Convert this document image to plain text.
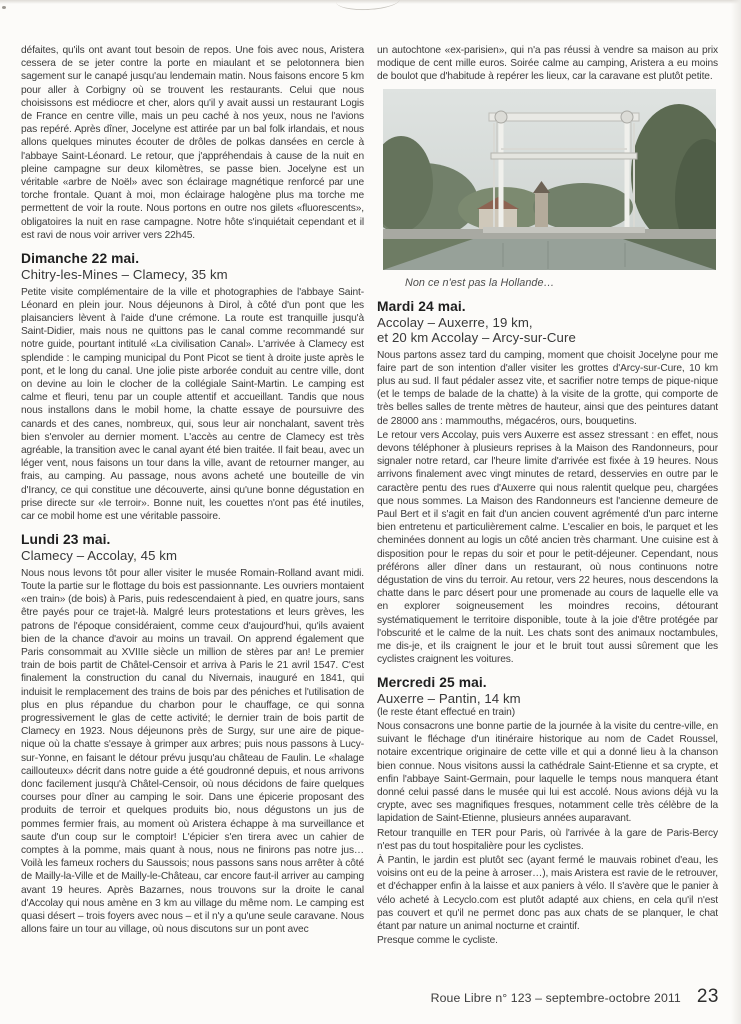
défaites, qu'ils ont avant tout besoin de repos. Une fois avec nous, Aristera cessera de se jeter contre la porte en miaulant et se pelotonnera bien sagement sur le canapé jusqu'au lendemain matin. Nous faisons encore 5 km pour aller à Corbigny où se trouvent les restaurants. Celui que nous choisissons est médiocre et cher, alors qu'il y avait aussi un restaurant Logis de France en centre ville, mais un peu caché à nos yeux, nous ne l'avions pas repéré. Après dîner, Jocelyne est attirée par un bal folk irlandais, et nous allons quelques minutes écouter de drôles de polkas dansées en cercle à l'abbaye Saint-Léonard. Le retour, que j'appréhendais à cause de la nuit en pleine campagne sur deux kilomètres, se passe bien. Jocelyne est un véritable «arbre de Noël» avec son éclairage magnétique renforcé par une torche frontale. Quant à moi, mon éclairage halogène plus ma torche me permettent de voir la route. Nous portons en outre nos gilets «fluorescents», obligatoires la nuit en rase campagne. Notre hôte s'inquiétait cependant et il est ravi de nous voir arriver vers 22h45.

Dimanche 22 mai.
Chitry-les-Mines – Clamecy, 35 km

Petite visite complémentaire de la ville et photographies de l'abbaye Saint-Léonard en plein jour. Nous déjeunons à Dirol, à côté d'un pont que les plaisanciers lèvent à l'aide d'une crémone. La route est tranquille jusqu'à Saint-Didier, mais nous ne quittons pas le canal comme recommandé sur notre guide, pourtant intitulé «La civilisation Canal». L'arrivée à Clamecy est splendide : le camping municipal du Pont Picot se tient à droite juste après le pont, et le long du canal. Une jolie piste arborée conduit au centre ville, dont on devine au loin le clocher de la collégiale Saint-Martin. Le camping est calme et fleuri, tenu par un couple attentif et accueillant. Tandis que nous nous installons dans le mobil home, la chatte essaye de poursuivre des canards et des canes, nombreux, qui, sous leur air nonchalant, savent très bien s'envoler au dernier moment. L'accès au centre de Clamecy est très agréable, la transition avec le canal ayant été bien traitée. Il fait beau, avec un léger vent, nous faisons un tour dans la ville, avant de retourner manger, au frais, au camping. Au passage, nous avons acheté une bouteille de vin d'Irancy, ce qui constitue une découverte, ainsi qu'une bonne dégustation en prise directe sur «le terroir». Bonne nuit, les couettes n'ont pas été inutiles, car ce mobil home est une véritable passoire.

Lundi 23 mai.
Clamecy – Accolay, 45 km

Nous nous levons tôt pour aller visiter le musée Romain-Rolland avant midi. Toute la partie sur le flottage du bois est passionnante. Les ouvriers montaient «en train» (de bois) à Paris, puis redescendaient à pied, en quatre jours, sans être payés pour ce trajet-là. Malgré leurs protestations et leurs grèves, les patrons de l'époque considéraient, comme ceux d'aujourd'hui, qu'ils avaient bien de la chance d'avoir au moins un travail. On apprend également que Paris consommait au XVIIIe siècle un million de stères par an! Le premier train de bois partit de Châtel-Censoir et arriva à Paris le 21 avril 1547. C'est finalement la construction du canal du Nivernais, inauguré en 1841, qui induisit le remplacement des trains de bois par des péniches et l'utilisation de plus en plus répandue du charbon pour le chauffage, ce qui sonna progressivement le glas de cette activité; le dernier train de bois partit de Clamecy en 1923. Nous déjeunons près de Surgy, sur une aire de pique-nique où la chatte s'essaye à grimper aux arbres; puis nous passons à Lucy-sur-Yonne, en faisant le détour prévu jusqu'au château de Faulin. Le «halage caillouteux» décrit dans notre guide a été goudronné depuis, et nous arrivons donc facilement jusqu'à Châtel-Censoir, où nous décidons de faire quelques courses pour dîner au camping le soir. Dans une épicerie proposant des produits de terroir et quelques produits bio, nous dégustons un jus de pommes fermier frais, au moment où Aristera échappe à ma surveillance et saute d'un coup sur le comptoir! L'épicier s'en tirera avec un cahier de comptes à la pomme, mais quant à nous, nous ne finirons pas notre jus… Voilà les fameux rochers du Saussois; nous passons sans nous arrêter à côté de Mailly-la-Ville et de Mailly-le-Château, car encore faut-il arriver au camping avant 19 heures. Après Bazarnes, nous trouvons sur la droite le canal d'Accolay qui nous amène en 3 km au village du même nom. Le camping est quasi désert – trois foyers avec nous – et il n'y a qu'une seule caravane. Nous allons faire un tour au village, où nous discutons sur un pont avec

un autochtone «ex-parisien», qui n'a pas réussi à vendre sa maison au prix modique de cent mille euros. Soirée calme au camping, Aristera a eu moins de boulot que d'habitude à repérer les lieux, car la caravane est plutôt petite.

Non ce n'est pas la Hollande…
Mardi 24 mai.
Accolay – Auxerre, 19 km,
et 20 km Accolay – Arcy-sur-Cure

Nous partons assez tard du camping, moment que choisit Jocelyne pour me faire part de son intention d'aller visiter les grottes d'Arcy-sur-Cure, 10 km plus au sud. Il faut pédaler assez vite, et sacrifier notre temps de pique-nique (et le temps de balade de la chatte) à la visite de la grotte, qui comporte de très belles salles de trente mètres de hauteur, ainsi que des peintures datant de 28000 ans : mammouths, mégacéros, ours, bouquetins.

Le retour vers Accolay, puis vers Auxerre est assez stressant : en effet, nous devons téléphoner à plusieurs reprises à la Maison des Randonneurs, pour signaler notre retard, car l'heure limite d'arrivée est fixée à 19 heures. Nous arrivons finalement avec vingt minutes de retard, desservies en outre par le caractère pentu des rues d'Auxerre qui nous ralentit quelque peu, chargées que nous sommes. La Maison des Randonneurs est l'ancienne demeure de Paul Bert et il s'agit en fait d'un ancien couvent agrémenté d'un parc interne bien entretenu et particulièrement calme. L'escalier en bois, le parquet et les cheminées donnent au logis un côté ancien très charmant. Une cuisine est à disposition pour le repas du soir et pour le petit-déjeuner. Cependant, nous préférons aller dîner dans un restaurant, où nous continuons notre dégustation de vins du terroir. Au retour, vers 22 heures, nous descendons la chatte dans le parc désert pour une promenade au cours de laquelle elle va en explorer soigneusement les moindres recoins, détourant systématiquement le territoire disponible, toute à la joie d'être protégée par l'obscurité et le calme de la nuit. Les chats sont des animaux noctambules, me dis-je, et ils craignent le jour et le bruit tout aussi sûrement que les cyclistes craignent les voitures.

Mercredi 25 mai.
Auxerre – Pantin, 14 km
(le reste étant effectué en train)

Nous consacrons une bonne partie de la journée à la visite du centre-ville, en suivant le fléchage d'un itinéraire historique au nom de Cadet Roussel, notaire excentrique originaire de cette ville et qui a donné lieu à la chanson bien connue. Nous visitons aussi la cathédrale Saint-Etienne et sa crypte, et enfin l'abbaye Saint-Germain, pour laquelle le temps nous manquera étant donné celui passé dans le musée qui lui est accolé. Nous avions déjà vu la crypte, avec ses magnifiques fresques, notamment celle très célèbre de la lapidation de Saint-Etienne, plusieurs années auparavant.

Retour tranquille en TER pour Paris, où l'arrivée à la gare de Paris-Bercy n'est pas du tout hospitalière pour les cyclistes.

À Pantin, le jardin est plutôt sec (ayant fermé le mauvais robinet d'eau, les voisins ont eu de la peine à arroser…), mais Aristera est ravie de le retrouver, et d'échapper enfin à la laisse et aux paniers à vélo. Il s'avère que le panier à vélo acheté à Lecyclo.com est plutôt adapté aux chiens, en cela qu'il n'est pas couvert et qu'il ne permet donc pas aux chats de se planquer, le chat étant par nature un animal nocturne et craintif.

Presque comme le cycliste.

Roue Libre n° 123 – septembre-octobre 2011 23
